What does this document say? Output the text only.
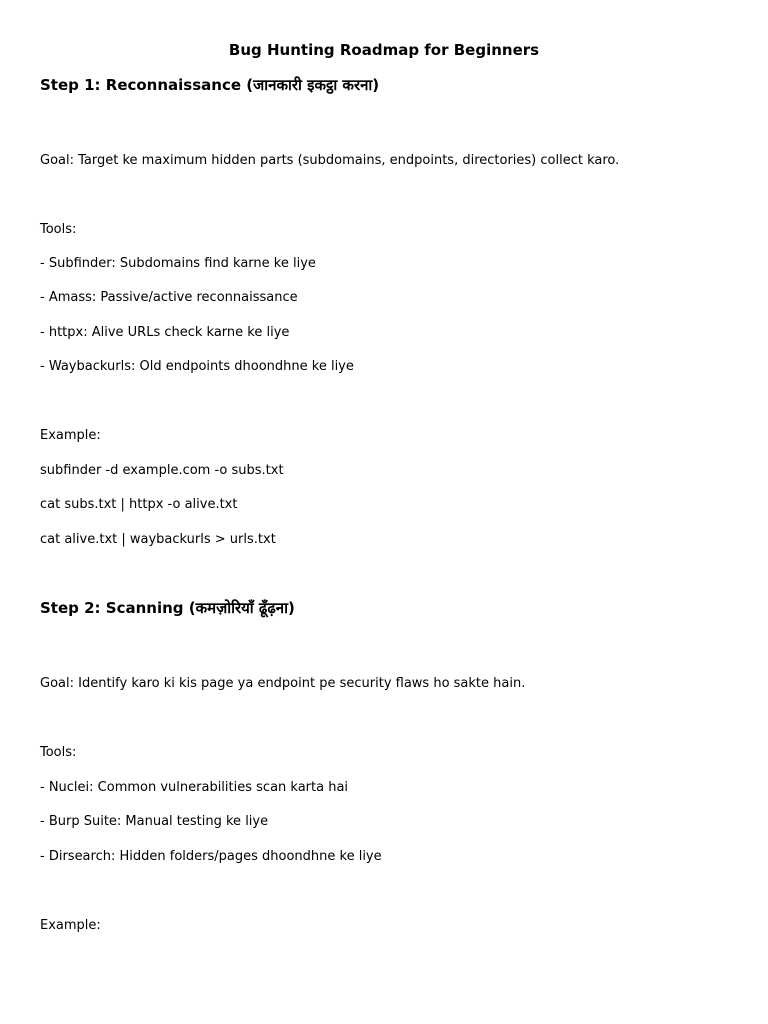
Bug Hunting Roadmap for Beginners
Step 1: Reconnaissance (जानकारी इकट्ठा करना)
Goal: Target ke maximum hidden parts (subdomains, endpoints, directories) collect karo.
Tools:
- Subfinder: Subdomains find karne ke liye
- Amass: Passive/active reconnaissance
- httpx: Alive URLs check karne ke liye
- Waybackurls: Old endpoints dhoondhne ke liye
Example:
subfinder -d example.com -o subs.txt
cat subs.txt | httpx -o alive.txt
cat alive.txt | waybackurls > urls.txt
Step 2: Scanning (कमज़ोरियाँ ढूँढ़ना)
Goal: Identify karo ki kis page ya endpoint pe security flaws ho sakte hain.
Tools:
- Nuclei: Common vulnerabilities scan karta hai
- Burp Suite: Manual testing ke liye
- Dirsearch: Hidden folders/pages dhoondhne ke liye
Example:
